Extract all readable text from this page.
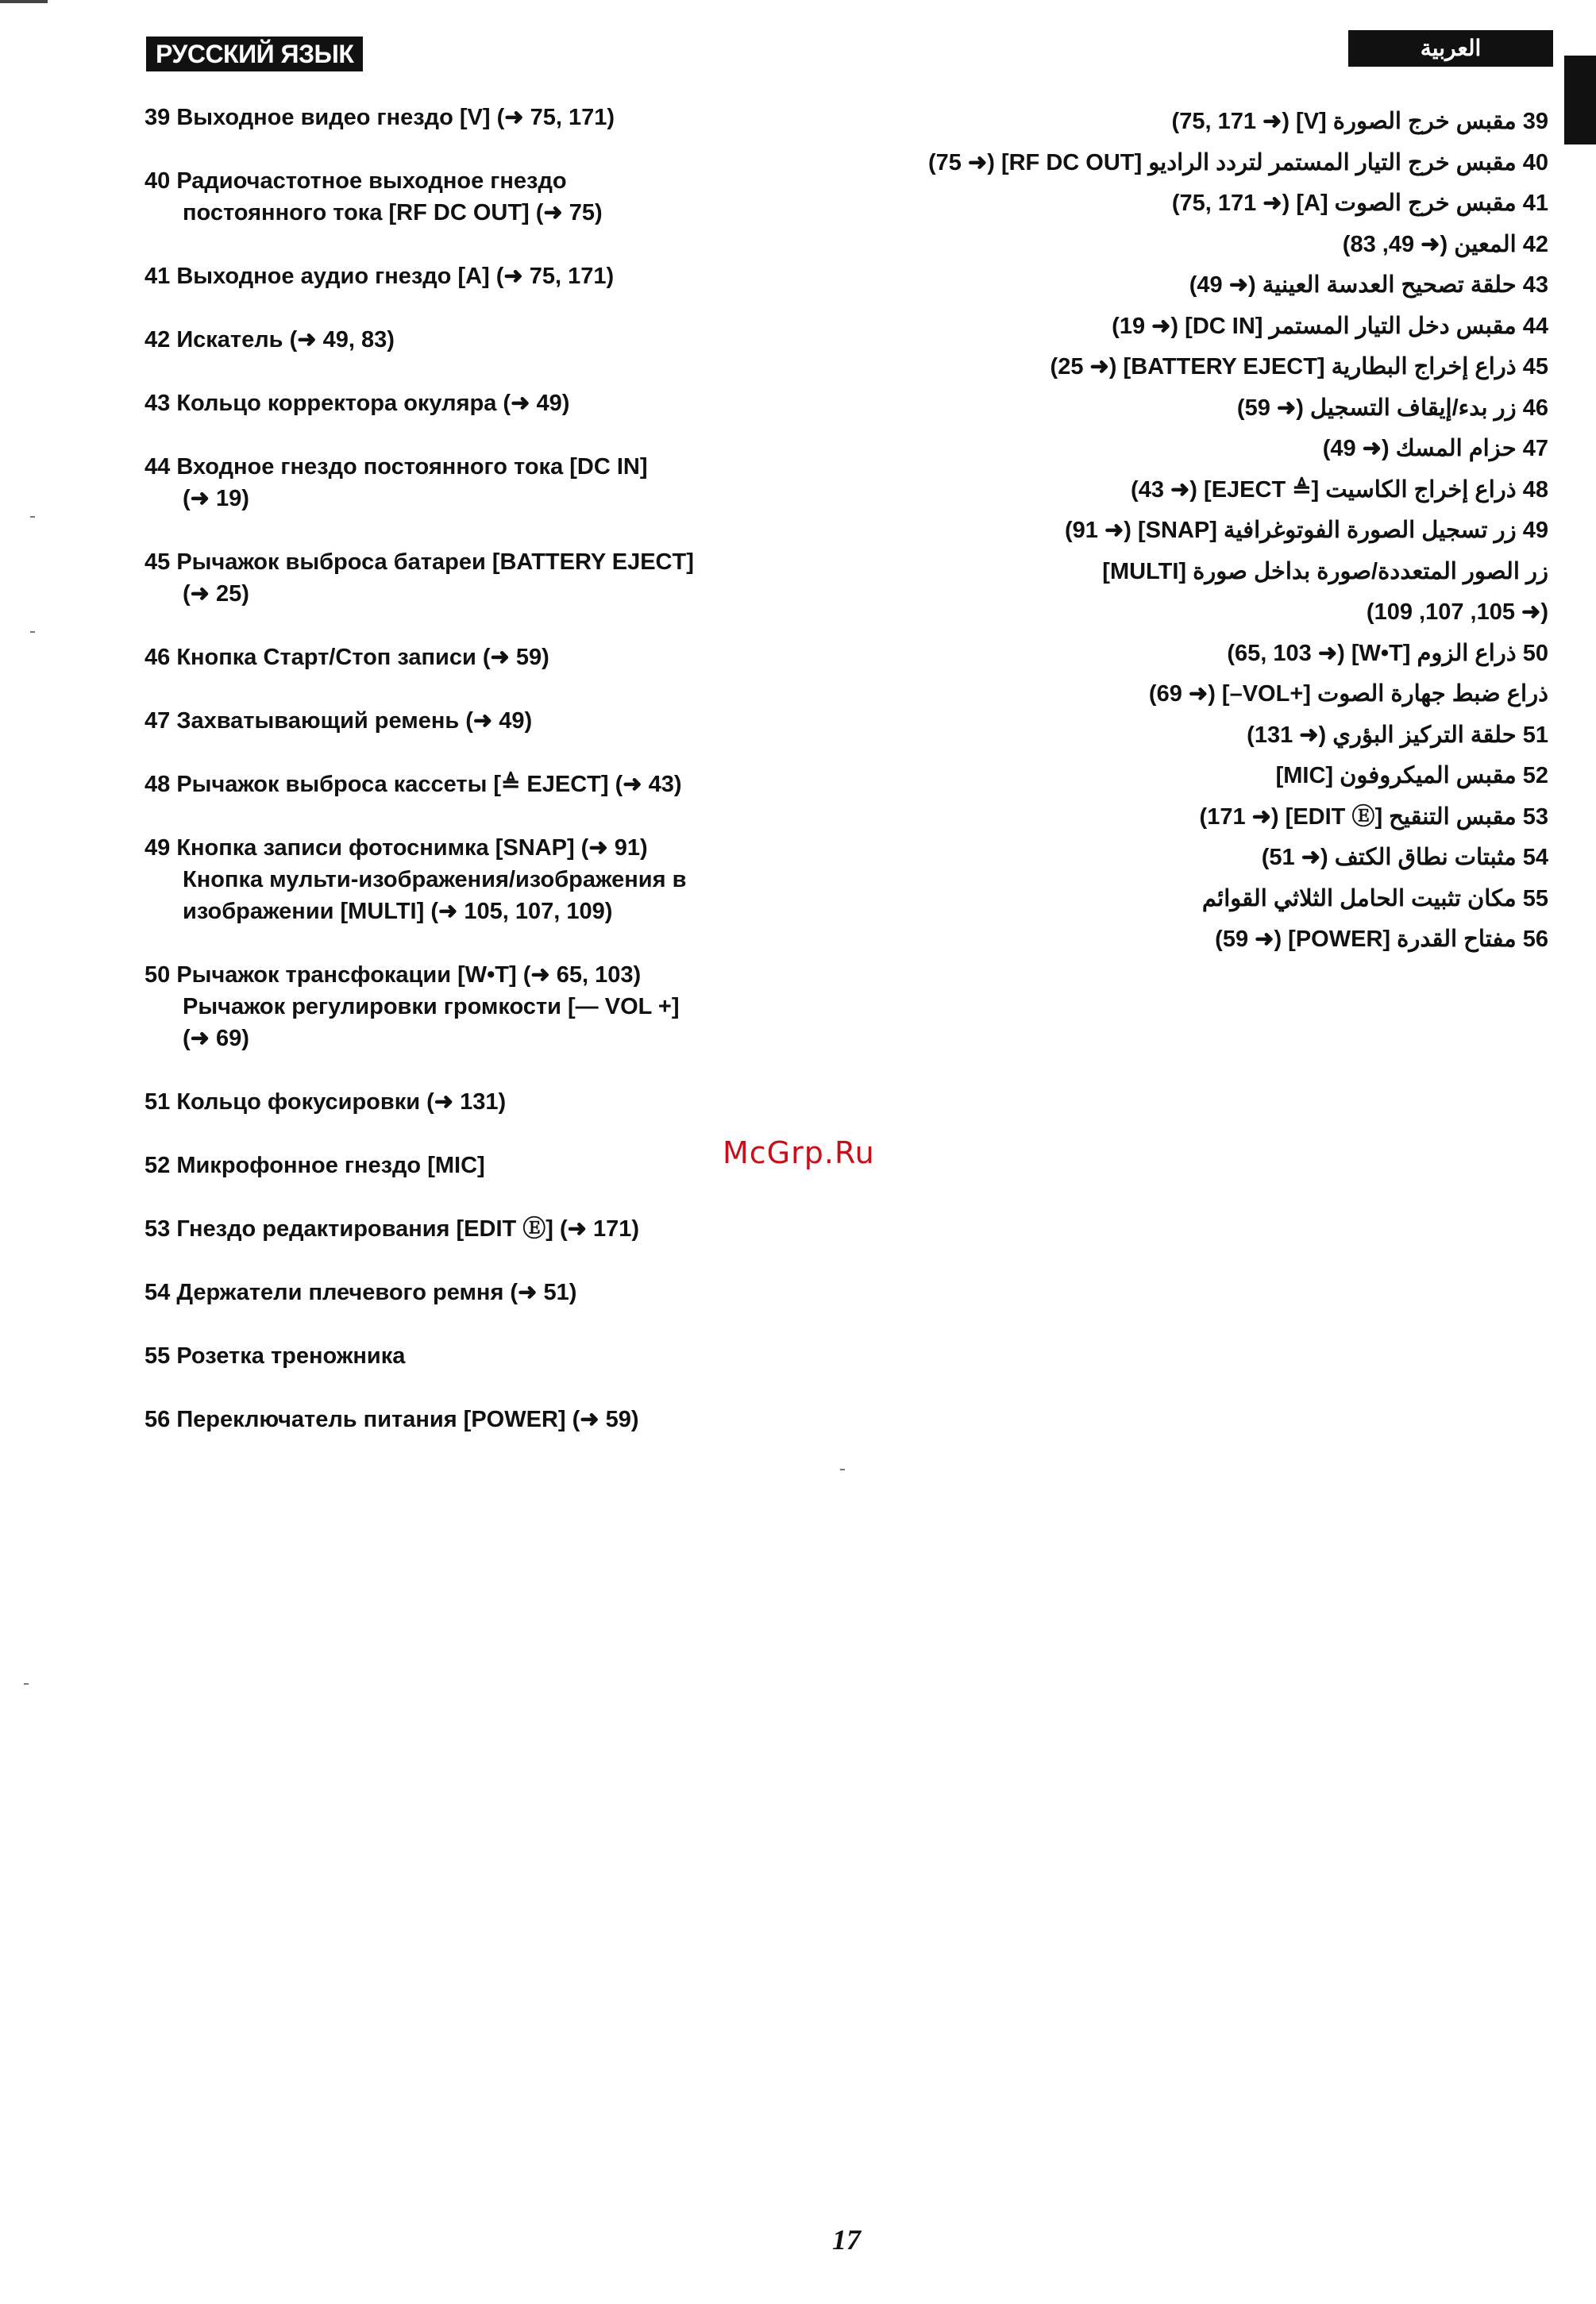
РУССКИЙ ЯЗЫК	العربية
39 Выходное видео гнездо [V] (➜ 75, 171)
40 Радиочастотное выходное гнездо
постоянного тока [RF DC OUT] (➜ 75)
41 Выходное аудио гнездо [A] (➜ 75, 171)
42 Искатель (➜ 49, 83)
43 Кольцо корректора окуляра (➜ 49)
44 Входное гнездо постоянного тока [DC IN]
(➜ 19)
45 Рычажок выброса батареи [BATTERY EJECT]
(➜ 25)
46 Кнопка Старт/Стоп записи (➜ 59)
47 Захватывающий ремень (➜ 49)
48 Рычажок выброса кассеты [≜ EJECT] (➜ 43)
49 Кнопка записи фотоснимка [SNAP] (➜ 91)
Кнопка мульти-изображения/изображения в
изображении [MULTI] (➜ 105, 107, 109)
50 Рычажок трансфокации [W•T] (➜ 65, 103)
Рычажок регулировки громкости [— VOL +]
(➜ 69)
51 Кольцо фокусировки (➜ 131)
52 Микрофонное гнездо [MIC]
53 Гнездо редактирования [EDIT Ⓔ] (➜ 171)
54 Держатели плечевого ремня (➜ 51)
55 Розетка треножника
56 Переключатель питания [POWER] (➜ 59)
39 مقبس خرج الصورة [V] (➜ 75, 171)
40 مقبس خرج التيار المستمر لتردد الراديو [RF DC OUT] (➜ 75)
41 مقبس خرج الصوت [A] (➜ 75, 171)
42 المعين (➜ 49, 83)
43 حلقة تصحيح العدسة العينية (➜ 49)
44 مقبس دخل التيار المستمر [DC IN] (➜ 19)
45 ذراع إخراج البطارية [BATTERY EJECT] (➜ 25)
46 زر بدء/إيقاف التسجيل (➜ 59)
47 حزام المسك (➜ 49)
48 ذراع إخراج الكاسيت [≜ EJECT] (➜ 43)
49 زر تسجيل الصورة الفوتوغرافية [SNAP] (➜ 91)
زر الصور المتعددة/صورة بداخل صورة [MULTI]
(➜ 105, 107, 109)
50 ذراع الزوم [W•T] (➜ 65, 103)
ذراع ضبط جهارة الصوت [+VOL–] (➜ 69)
51 حلقة التركيز البؤري (➜ 131)
52 مقبس الميكروفون [MIC]
53 مقبس التنقيح [EDIT Ⓔ] (➜ 171)
54 مثبتات نطاق الكتف (➜ 51)
55 مكان تثبيت الحامل الثلاثي القوائم
56 مفتاح القدرة [POWER] (➜ 59)
McGrp.Ru
17
